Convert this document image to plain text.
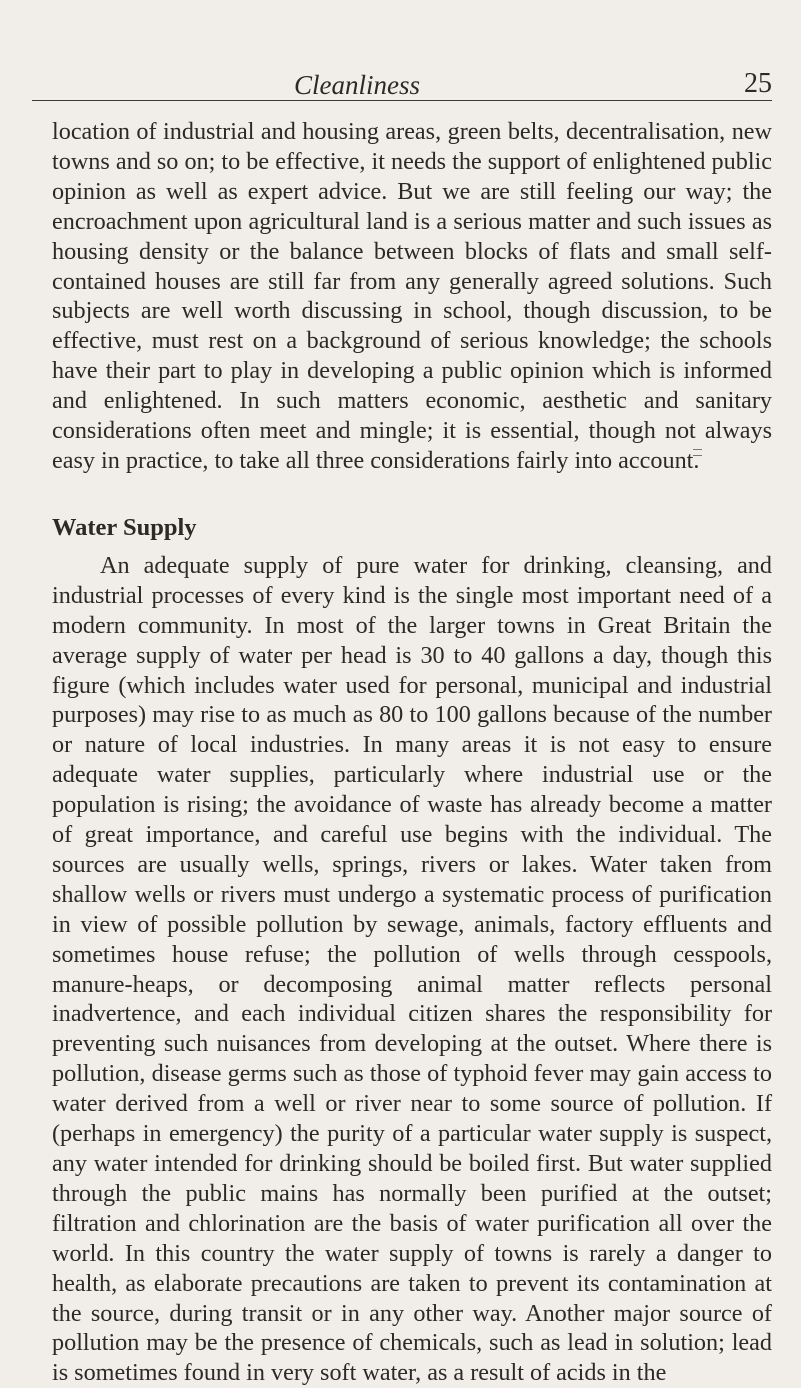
Cleanliness	25

location of industrial and housing areas, green belts, decentralisation, new towns and so on; to be effective, it needs the support of enlightened public opinion as well as expert advice. But we are still feeling our way; the encroachment upon agricultural land is a serious matter and such issues as housing density or the balance between blocks of flats and small self-contained houses are still far from any generally agreed solutions. Such subjects are well worth discussing in school, though discussion, to be effective, must rest on a background of serious knowledge; the schools have their part to play in developing a public opinion which is informed and enlightened. In such matters economic, aesthetic and sanitary considerations often meet and mingle; it is essential, though not always easy in practice, to take all three considerations fairly into account.

Water Supply

An adequate supply of pure water for drinking, cleansing, and industrial processes of every kind is the single most important need of a modern community. In most of the larger towns in Great Britain the average supply of water per head is 30 to 40 gallons a day, though this figure (which includes water used for personal, municipal and industrial purposes) may rise to as much as 80 to 100 gallons because of the number or nature of local industries. In many areas it is not easy to ensure adequate water supplies, particularly where industrial use or the population is rising; the avoidance of waste has already become a matter of great importance, and careful use begins with the individual. The sources are usually wells, springs, rivers or lakes. Water taken from shallow wells or rivers must undergo a systematic process of purification in view of possible pollution by sewage, animals, factory effluents and sometimes house refuse; the pollution of wells through cesspools, manure-heaps, or decomposing animal matter reflects personal inadvertence, and each individual citizen shares the responsibility for preventing such nuisances from developing at the outset. Where there is pollution, disease germs such as those of typhoid fever may gain access to water derived from a well or river near to some source of pollution. If (perhaps in emergency) the purity of a particular water supply is suspect, any water intended for drinking should be boiled first. But water supplied through the public mains has normally been purified at the outset; filtration and chlorination are the basis of water purification all over the world. In this country the water supply of towns is rarely a danger to health, as elaborate precautions are taken to prevent its contamination at the source, during transit or in any other way. Another major source of pollution may be the presence of chemicals, such as lead in solution; lead is sometimes found in very soft water, as a result of acids in the
